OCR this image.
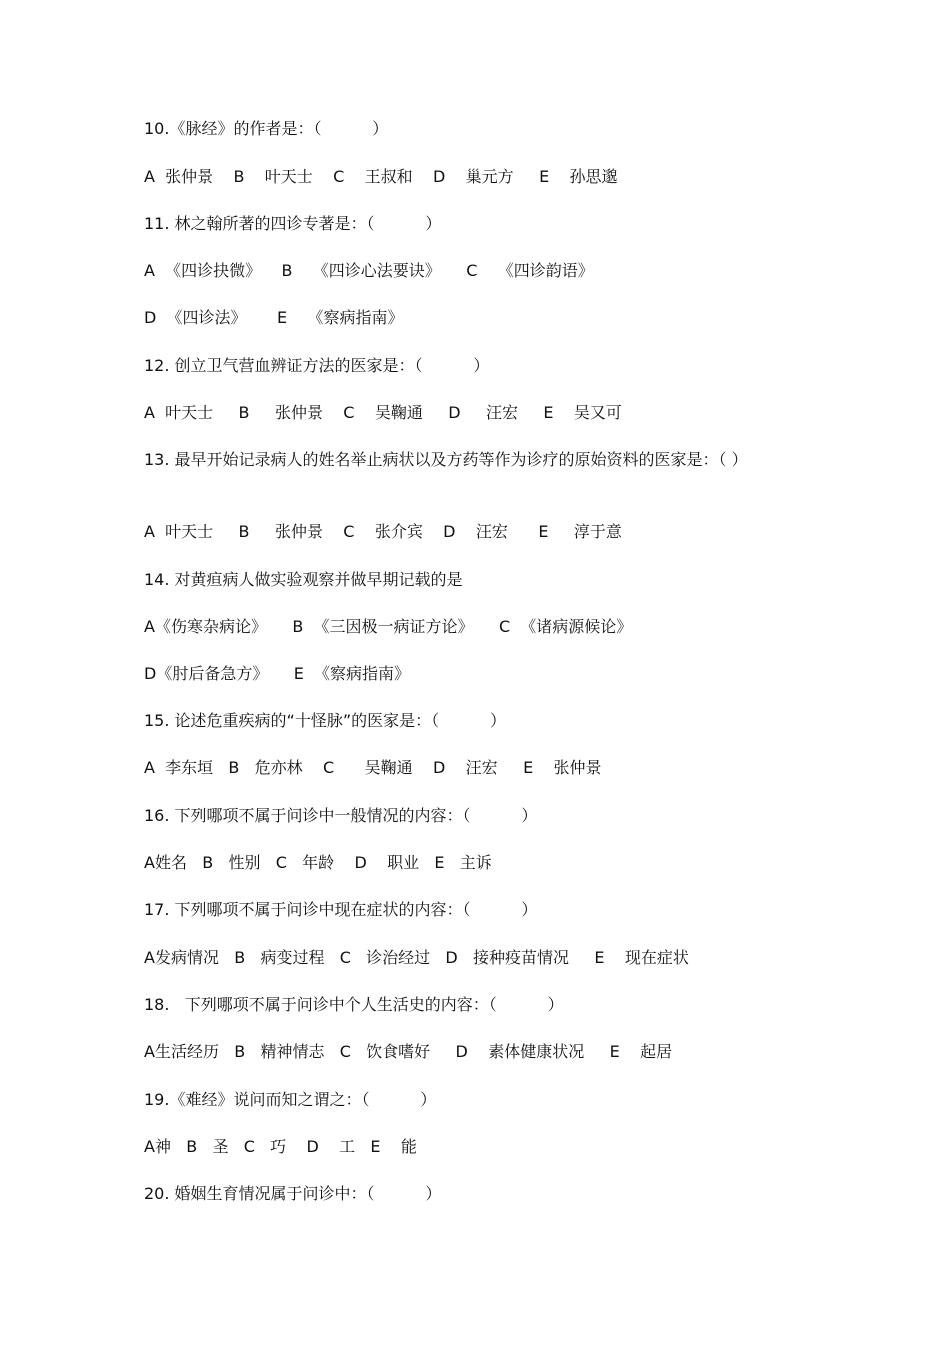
10.《脉经》的作者是：（          ）

A  张仲景    B    叶天士    C    王叔和    D    巢元方     E    孙思邈

11. 林之翰所著的四诊专著是：（          ）

A  《四诊抉微》    B    《四诊心法要诀》     C    《四诊韵语》

D  《四诊法》      E    《察病指南》

12. 创立卫气营血辨证方法的医家是：（          ）

A  叶天士     B     张仲景    C    吴鞠通     D     汪宏     E    吴又可

13. 最早开始记录病人的姓名举止病状以及方药等作为诊疗的原始资料的医家是：（ ）

A  叶天士     B     张仲景    C    张介宾    D    汪宏      E     淳于意

14. 对黄疸病人做实验观察并做早期记载的是

A《伤寒杂病论》     B  《三因极一病证方论》     C  《诸病源候论》

D《肘后备急方》     E  《察病指南》

15. 论述危重疾病的“十怪脉”的医家是：（          ）

A  李东垣   B   危亦林    C      吴鞠通    D    汪宏     E    张仲景

16. 下列哪项不属于问诊中一般情况的内容：（          ）

A姓名   B   性别   C   年龄    D    职业   E   主诉

17. 下列哪项不属于问诊中现在症状的内容：（          ）

A发病情况   B   病变过程   C   诊治经过   D   接种疫苗情况     E    现在症状

18.   下列哪项不属于问诊中个人生活史的内容：（          ）

A生活经历   B   精神情志   C   饮食嗜好     D    素体健康状况     E    起居

19.《难经》说问而知之谓之：（          ）

A神   B   圣   C   巧    D    工   E    能

20. 婚姻生育情况属于问诊中：（          ）
